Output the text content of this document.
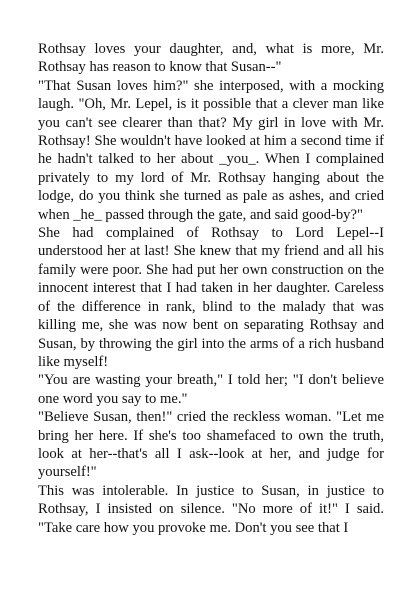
Rothsay loves your daughter, and, what is more, Mr. Rothsay has reason to know that Susan--"

"That Susan loves him?" she interposed, with a mocking laugh. "Oh, Mr. Lepel, is it possible that a clever man like you can't see clearer than that? My girl in love with Mr. Rothsay! She wouldn't have looked at him a second time if he hadn't talked to her about _you_. When I complained privately to my lord of Mr. Rothsay hanging about the lodge, do you think she turned as pale as ashes, and cried when _he_ passed through the gate, and said good-by?"

She had complained of Rothsay to Lord Lepel--I understood her at last! She knew that my friend and all his family were poor. She had put her own construction on the innocent interest that I had taken in her daughter. Careless of the difference in rank, blind to the malady that was killing me, she was now bent on separating Rothsay and Susan, by throwing the girl into the arms of a rich husband like myself!

"You are wasting your breath," I told her; "I don't believe one word you say to me."

"Believe Susan, then!" cried the reckless woman. "Let me bring her here. If she's too shamefaced to own the truth, look at her--that's all I ask--look at her, and judge for yourself!"

This was intolerable. In justice to Susan, in justice to Rothsay, I insisted on silence. "No more of it!" I said. "Take care how you provoke me. Don't you see that I
